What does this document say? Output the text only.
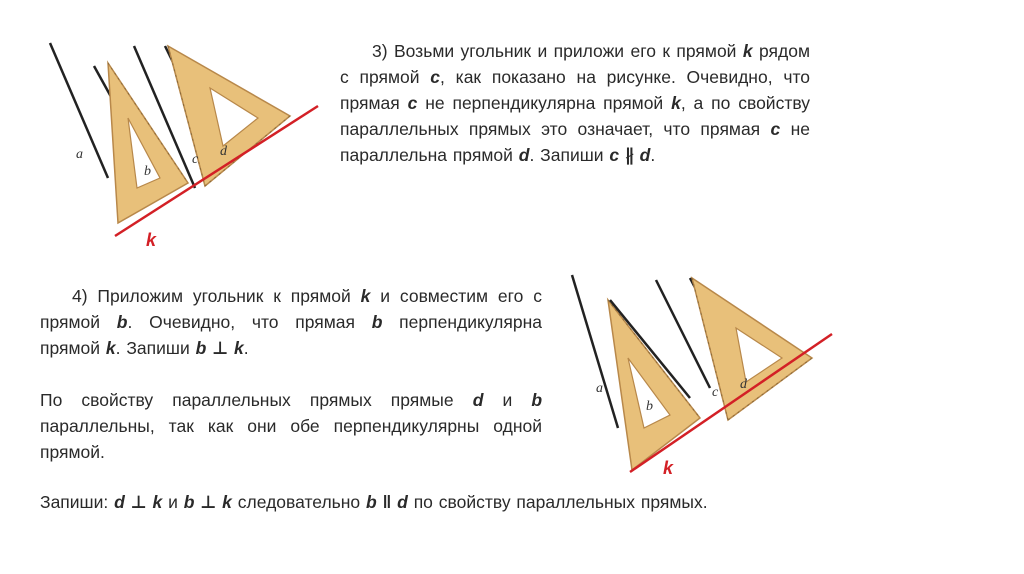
a
b
c
d
k

3) Возьми угольник и приложи его к прямой k рядом с прямой c, как показано на рисунке. Очевидно, что прямая c не перпендикулярна прямой k, а по свойству параллельных прямых это означает, что прямая c не параллельна прямой d. Запиши c ∦ d.

4) Приложим угольник к прямой k и совместим его с прямой b. Очевидно, что прямая b перпендикулярна прямой k. Запиши b ⊥ k.

По свойству параллельных прямых прямые d и b параллельны, так как они обе перпендикулярны одной прямой.

a
b
c
d
k

Запиши: d ⊥ k и b ⊥ k следовательно b ‖ d по свойству параллельных прямых.
